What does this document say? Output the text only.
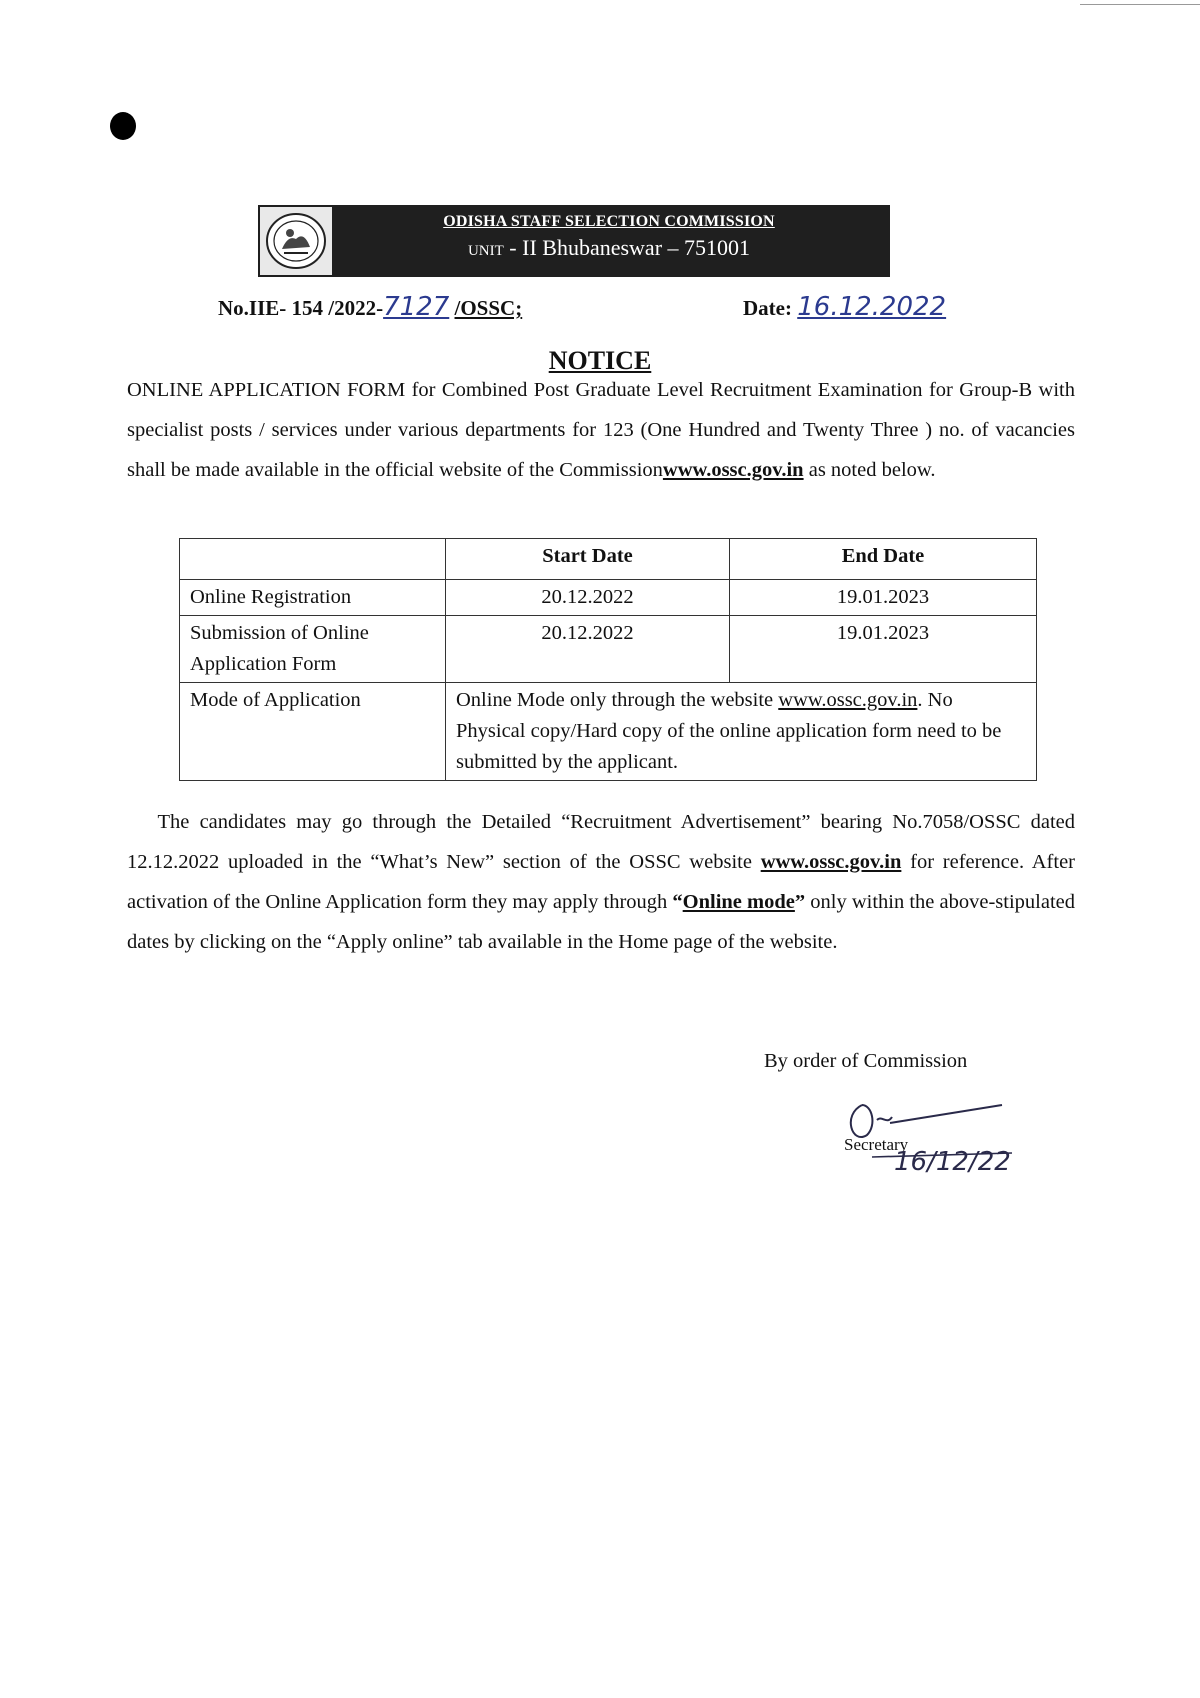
ODISHA STAFF SELECTION COMMISSION
UNIT - II Bhubaneswar – 751001
No.IIE- 154 /2022-7127 /OSSC;	Date: 16.12.2022
NOTICE
ONLINE APPLICATION FORM for Combined Post Graduate Level Recruitment Examination for Group-B with specialist posts / services under various departments for 123 (One Hundred and Twenty Three ) no. of vacancies shall be made available in the official website of the Commissionwww.ossc.gov.in as noted below.
	Start Date	End Date
Online Registration	20.12.2022	19.01.2023
Submission of Online Application Form	20.12.2022	19.01.2023
Mode of Application	Online Mode only through the website www.ossc.gov.in. No Physical copy/Hard copy of the online application form need to be submitted by the applicant.	
The candidates may go through the Detailed “Recruitment Advertisement” bearing No.7058/OSSC dated 12.12.2022 uploaded in the “What’s New” section of the OSSC website www.ossc.gov.in for reference. After activation of the Online Application form they may apply through “Online mode” only within the above-stipulated dates by clicking on the “Apply online” tab available in the Home page of the website.
By order of Commission
Secretary
16/12/22
